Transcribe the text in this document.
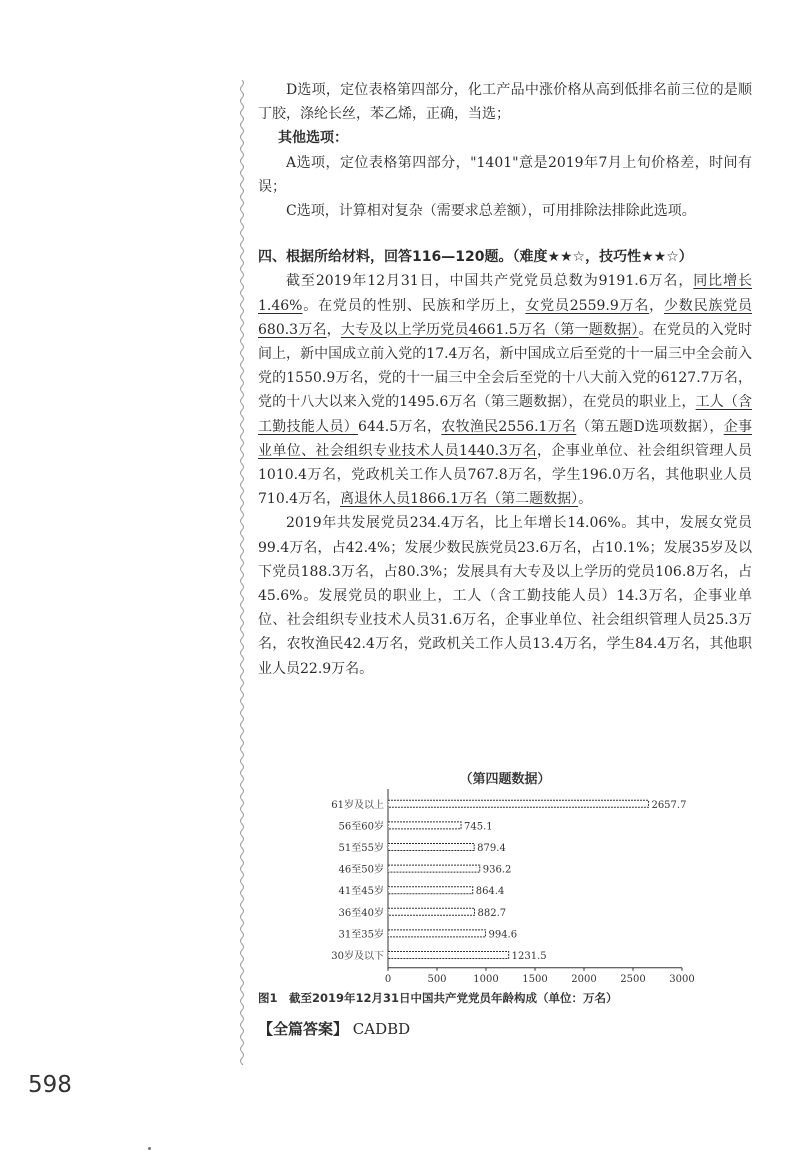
D选项，定位表格第四部分，化工产品中涨价格从高到低排名前三位的是顺丁胶，涤纶长丝，苯乙烯，正确，当选；

其他选项：

A选项，定位表格第四部分，"1401"意是2019年7月上旬价格差，时间有误；

C选项，计算相对复杂（需要求总差额），可用排除法排除此选项。

四、根据所给材料，回答116—120题。（难度★★☆，技巧性★★☆）

截至2019年12月31日，中国共产党党员总数为9191.6万名，同比增长1.46%。在党员的性别、民族和学历上，女党员2559.9万名，少数民族党员680.3万名，大专及以上学历党员4661.5万名（第一题数据）。在党员的入党时间上，新中国成立前入党的17.4万名，新中国成立后至党的十一届三中全会前入党的1550.9万名，党的十一届三中全会后至党的十八大前入党的6127.7万名，党的十八大以来入党的1495.6万名（第三题数据），在党员的职业上，工人（含工勤技能人员）644.5万名，农牧渔民2556.1万名（第五题D选项数据），企事业单位、社会组织专业技术人员1440.3万名，企事业单位、社会组织管理人员1010.4万名，党政机关工作人员767.8万名，学生196.0万名，其他职业人员710.4万名，离退休人员1866.1万名（第二题数据）。

2019年共发展党员234.4万名，比上年增长14.06%。其中，发展女党员99.4万名，占42.4%；发展少数民族党员23.6万名，占10.1%；发展35岁及以下党员188.3万名，占80.3%；发展具有大专及以上学历的党员106.8万名，占45.6%。发展党员的职业上，工人（含工勤技能人员）14.3万名，企事业单位、社会组织专业技术人员31.6万名，企事业单位、社会组织管理人员25.3万名，农牧渔民42.4万名，党政机关工作人员13.4万名，学生84.4万名，其他职业人员22.9万名。

（第四题数据）
61岁及以上	2657.7
56至60岁	745.1
51至55岁	879.4
46至50岁	936.2
41至45岁	864.4
36至40岁	882.7
31至35岁	994.6
30岁及以下	1231.5
0	500	1000 1500 2000 2500 3000
图1　截至2019年12月31日中国共产党党员年龄构成（单位：万名）
【全篇答案】 CADBD
598
